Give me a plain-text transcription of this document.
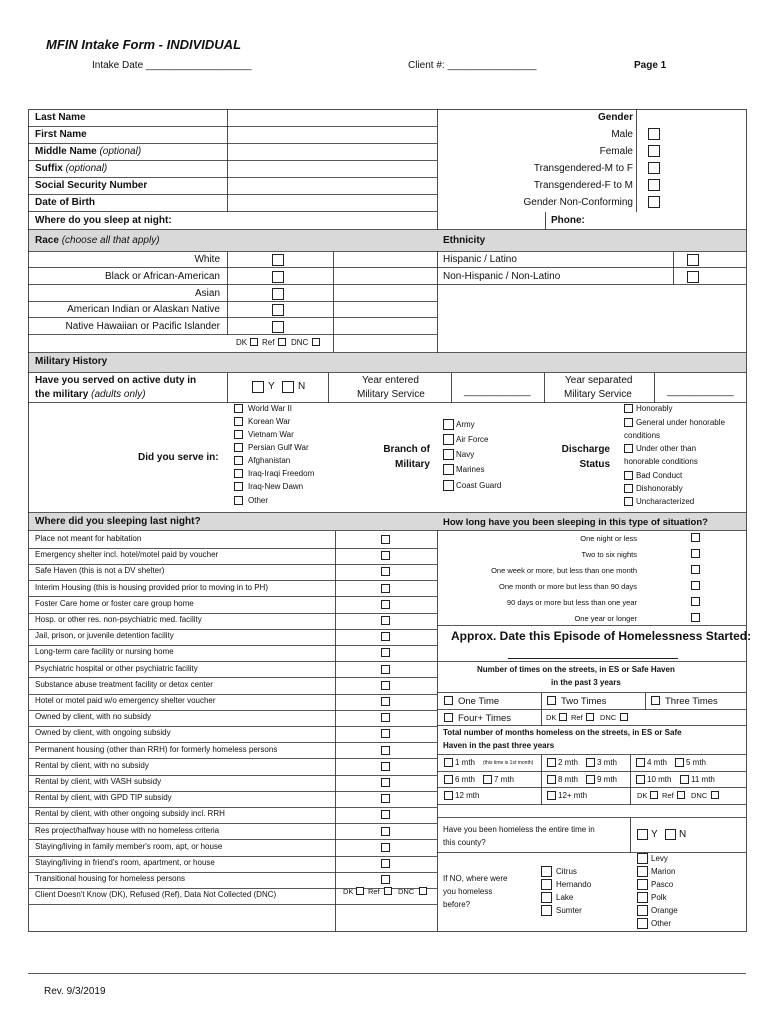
MFIN Intake Form - INDIVIDUAL
Intake Date ___________________	Client #: ________________	Page 1
Last Name
First Name
Middle Name (optional)
Suffix (optional)
Social Security Number
Date of Birth
Where do you sleep at night:	Phone:
Gender
Male
Female
Transgendered-M to F
Transgendered-F to M
Gender Non-Conforming
Race (choose all that apply)	Ethnicity
White
Black or African-American
Asian
American Indian or Alaskan Native
Native Hawaiian or Pacific Islander
DK Ref DNC
Hispanic / Latino
Non-Hispanic / Non-Latino
Military History
Have you served on active duty in
the military (adults only)
Y N
Year entered
Military Service	____________
Year separated
Military Service	____________
Did you serve in:
World War II
Korean War
Vietnam War
Persian Gulf War
Afghanistan
Iraq-Iraqi Freedom
Iraq-New Dawn
Other
Branch of
Military
Army
Air Force
Navy
Marines
Coast Guard
Discharge
Status
Honorably
General under honorable
conditions
Under other than
honorable conditions
Bad Conduct
Dishonorably
Uncharacterized
Where did you sleeping last night?	How long have you been sleeping in this type of situation?
Place not meant for habitation
Emergency shelter incl. hotel/motel paid by voucher
Safe Haven (this is not a DV shelter)
Interim Housing (this is housing provided prior to moving in to PH)
Foster Care home or foster care group home
Hosp. or other res. non-psychiatric med. facility
Jail, prison, or juvenile detention facility
Long-term care facility or nursing home
Psychiatric hospital or other psychiatric facility
Substance abuse treatment facility or detox center
Hotel or motel paid w/o emergency shelter voucher
Owned by client, with no subsidy
Owned by client, with ongoing subsidy
Permanent housing (other than RRH) for formerly homeless persons
Rental by client, with no subsidy
Rental by client, with VASH subsidy
Rental by client, with GPD TIP subsidy
Rental by client, with other ongoing subsidy incl. RRH
Res project/halfway house with no homeless criteria
Staying/living in family member's room, apt, or house
Staying/living in friend's room, apartment, or house
Transitional housing for homeless persons
Client Doesn't Know (DK), Refused (Ref), Data Not Collected (DNC)	DK Ref DNC
One night or less
Two to six nights
One week or more, but less than one month
One month or more but less than 90 days
90 days or more but less than one year
One year or longer
Approx. Date this Episode of Homelessness Started:
Number of times on the streets, in ES or Safe Haven
in the past 3 years
One Time	Two Times	Three Times
Four+ Times	DK Ref DNC
Total number of months homeless on the streets, in ES or Safe
Haven in the past three years
1 mth (this time is 1st month)	2 mth 3 mth	4 mth 5 mth
6 mth 7 mth	8 mth 9 mth	10 mth 11 mth
12 mth	12+ mth	DK Ref DNC
Have you been homeless the entire time in
this county?
Y N
If NO, where were
you homeless
before?
Citrus
Hernando
Lake
Sumter
Levy
Marion
Pasco
Polk
Orange
Other
Rev. 9/3/2019
